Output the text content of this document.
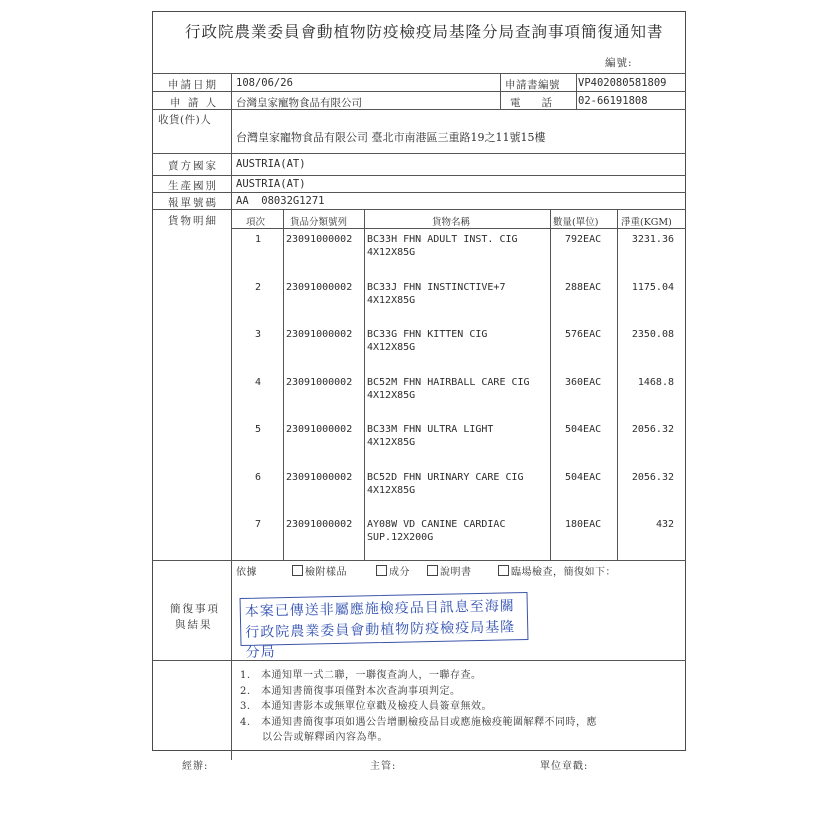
行政院農業委員會動植物防疫檢疫局基隆分局查詢事項簡復通知書
編號:
申請日期 108/06/26	申請書編號 VP402080581809
申 請 人 台灣皇家寵物食品有限公司	電　　話 02-66191808
收貨(件)人
台灣皇家寵物食品有限公司 臺北市南港區三重路19之11號15樓
賣方國家 AUSTRIA(AT)
生產國別 AUSTRIA(AT)
報單號碼 AA  08032G1271
貨物明細	項次	貨品分類號列	貨物名稱	數量(單位) 淨重(KGM)
1 23091000002 BC33H FHN ADULT INST. CIG
4X12X85G
792EAC	3231.36
2 23091000002 BC33J FHN INSTINCTIVE+7
4X12X85G
288EAC	1175.04
3 23091000002 BC33G FHN KITTEN CIG
4X12X85G
576EAC	2350.08
4 23091000002 BC52M FHN HAIRBALL CARE CIG
4X12X85G
360EAC	1468.8
5 23091000002 BC33M FHN ULTRA LIGHT
4X12X85G
504EAC	2056.32
6 23091000002 BC52D FHN URINARY CARE CIG
4X12X85G
504EAC	2056.32
7 23091000002 AY08W VD CANINE CARDIAC
SUP.12X200G
180EAC	432
簡復事項
與結果
依據	檢附樣品	成分	說明書	臨場檢查，簡復如下：
本案已傳送非屬應施檢疫品目訊息至海關
行政院農業委員會動植物防疫檢疫局基隆分局
1.　本通知單一式二聯，一聯復查詢人，一聯存查。
2.　本通知書簡復事項僅對本次查詢事項判定。
3.　本通知書影本或無單位章戳及檢疫人員簽章無效。
4.　本通知書簡復事項如遇公告增刪檢疫品目或應施檢疫範圍解釋不同時，應
以公告或解釋函內容為準。
經辦:	主管:	單位章戳:
